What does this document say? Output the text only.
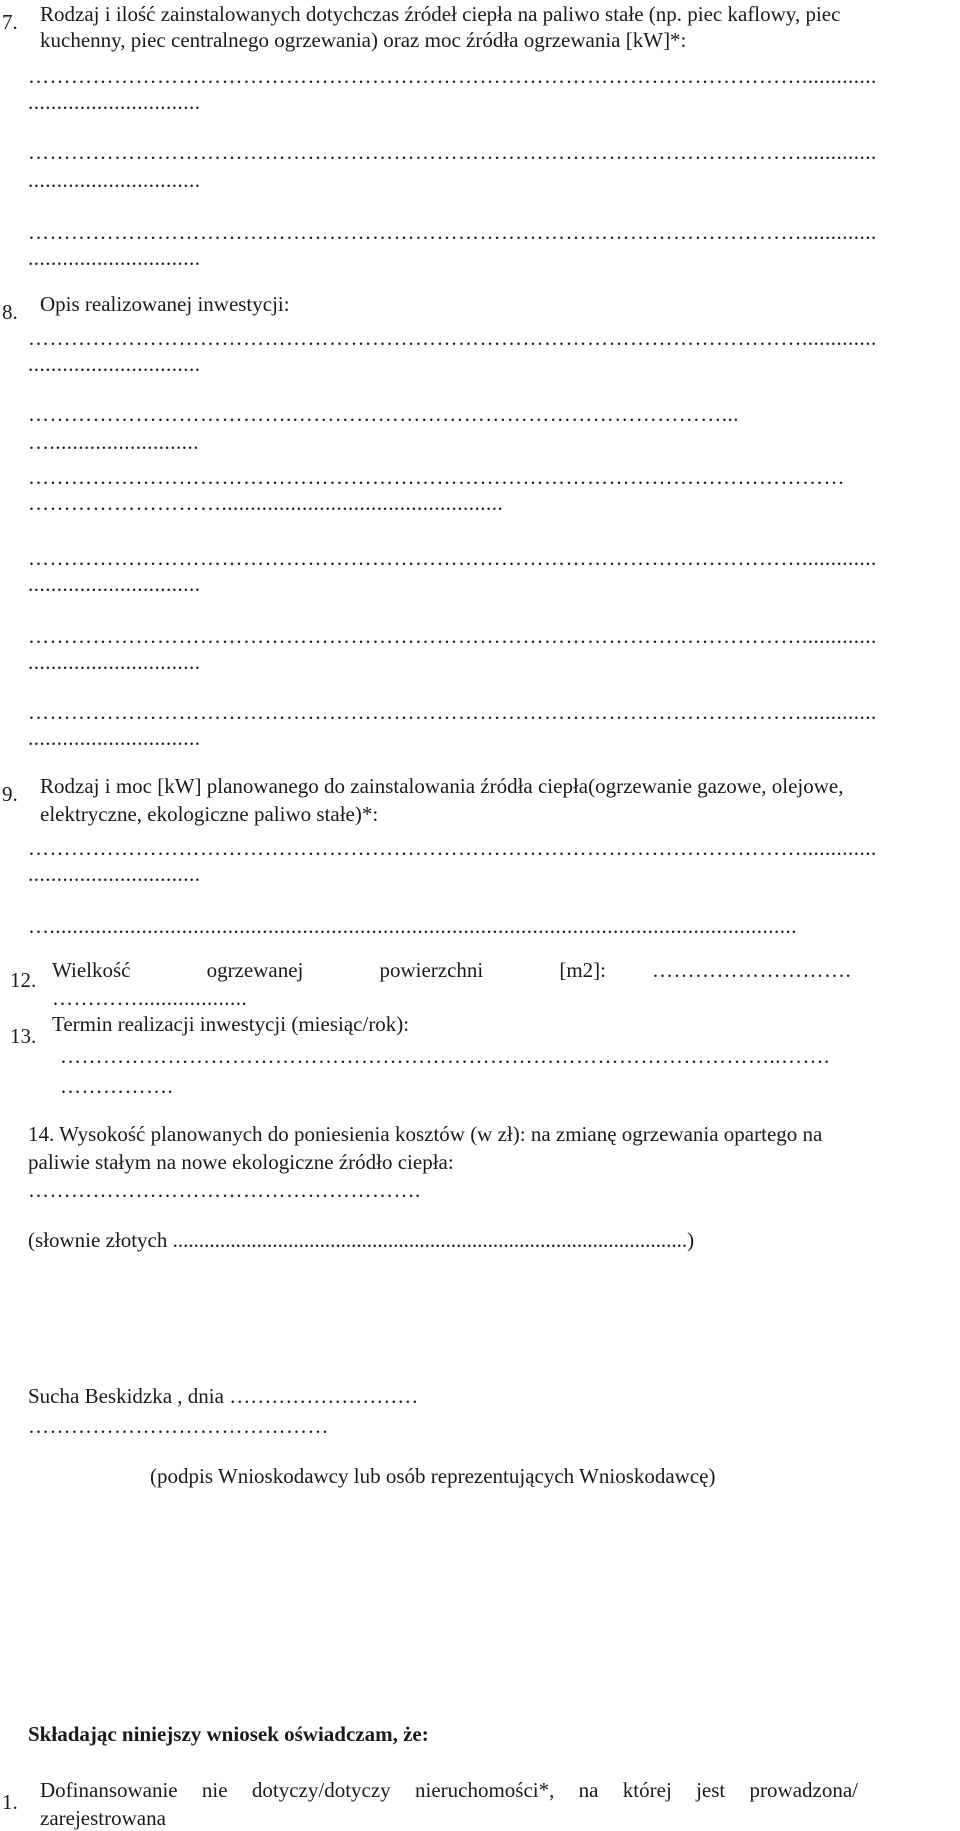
7. Rodzaj i ilość zainstalowanych dotychczas źródeł ciepła na paliwo stałe (np. piec kaflowy, piec
kuchenny, piec centralnego ogrzewania) oraz moc źródła ogrzewania [kW]*:
……………………………………………………………………………………………….............
..............................
……………………………………………………………………………………………….............
..............................
……………………………………………………………………………………………….............
..............................
8. Opis realizowanej inwestycji:
……………………………………………………………………………………………….............
..............................
……………………………….……………………………………………………...
…..........................
……………………………………………………………………………………………………
……………………….................................................
……………………………………………………………………………………………….............
..............................
……………………………………………………………………………………………….............
..............................
……………………………………………………………………………………………….............
..............................
9. Rodzaj i moc [kW] planowanego do zainstalowania źródła ciepła(ogrzewanie gazowe, olejowe,
elektryczne, ekologiczne paliwo stałe)*:
……………………………………………………………………………………………….............
..............................
…..................................................................................................................................
12. Wielkość ogrzewanej powierzchni [m2]: ……………………….
…………...................
13. Termin realizacji inwestycji (miesiąc/rok):
………………………………………………………………………………………..…….
…………….
14. Wysokość planowanych do poniesienia kosztów (w zł): na zmianę ogrzewania opartego na
paliwie stałym na nowe ekologiczne źródło ciepła:
……………………………………………….
(słownie złotych ..................................................................................................)
Sucha Beskidzka , dnia ………………………
……………………………………
(podpis Wnioskodawcy lub osób reprezentujących Wnioskodawcę)
Składając niniejszy wniosek oświadczam, że:
1. Dofinansowanie nie dotyczy/dotyczy nieruchomości*, na której jest prowadzona/
zarejestrowana
